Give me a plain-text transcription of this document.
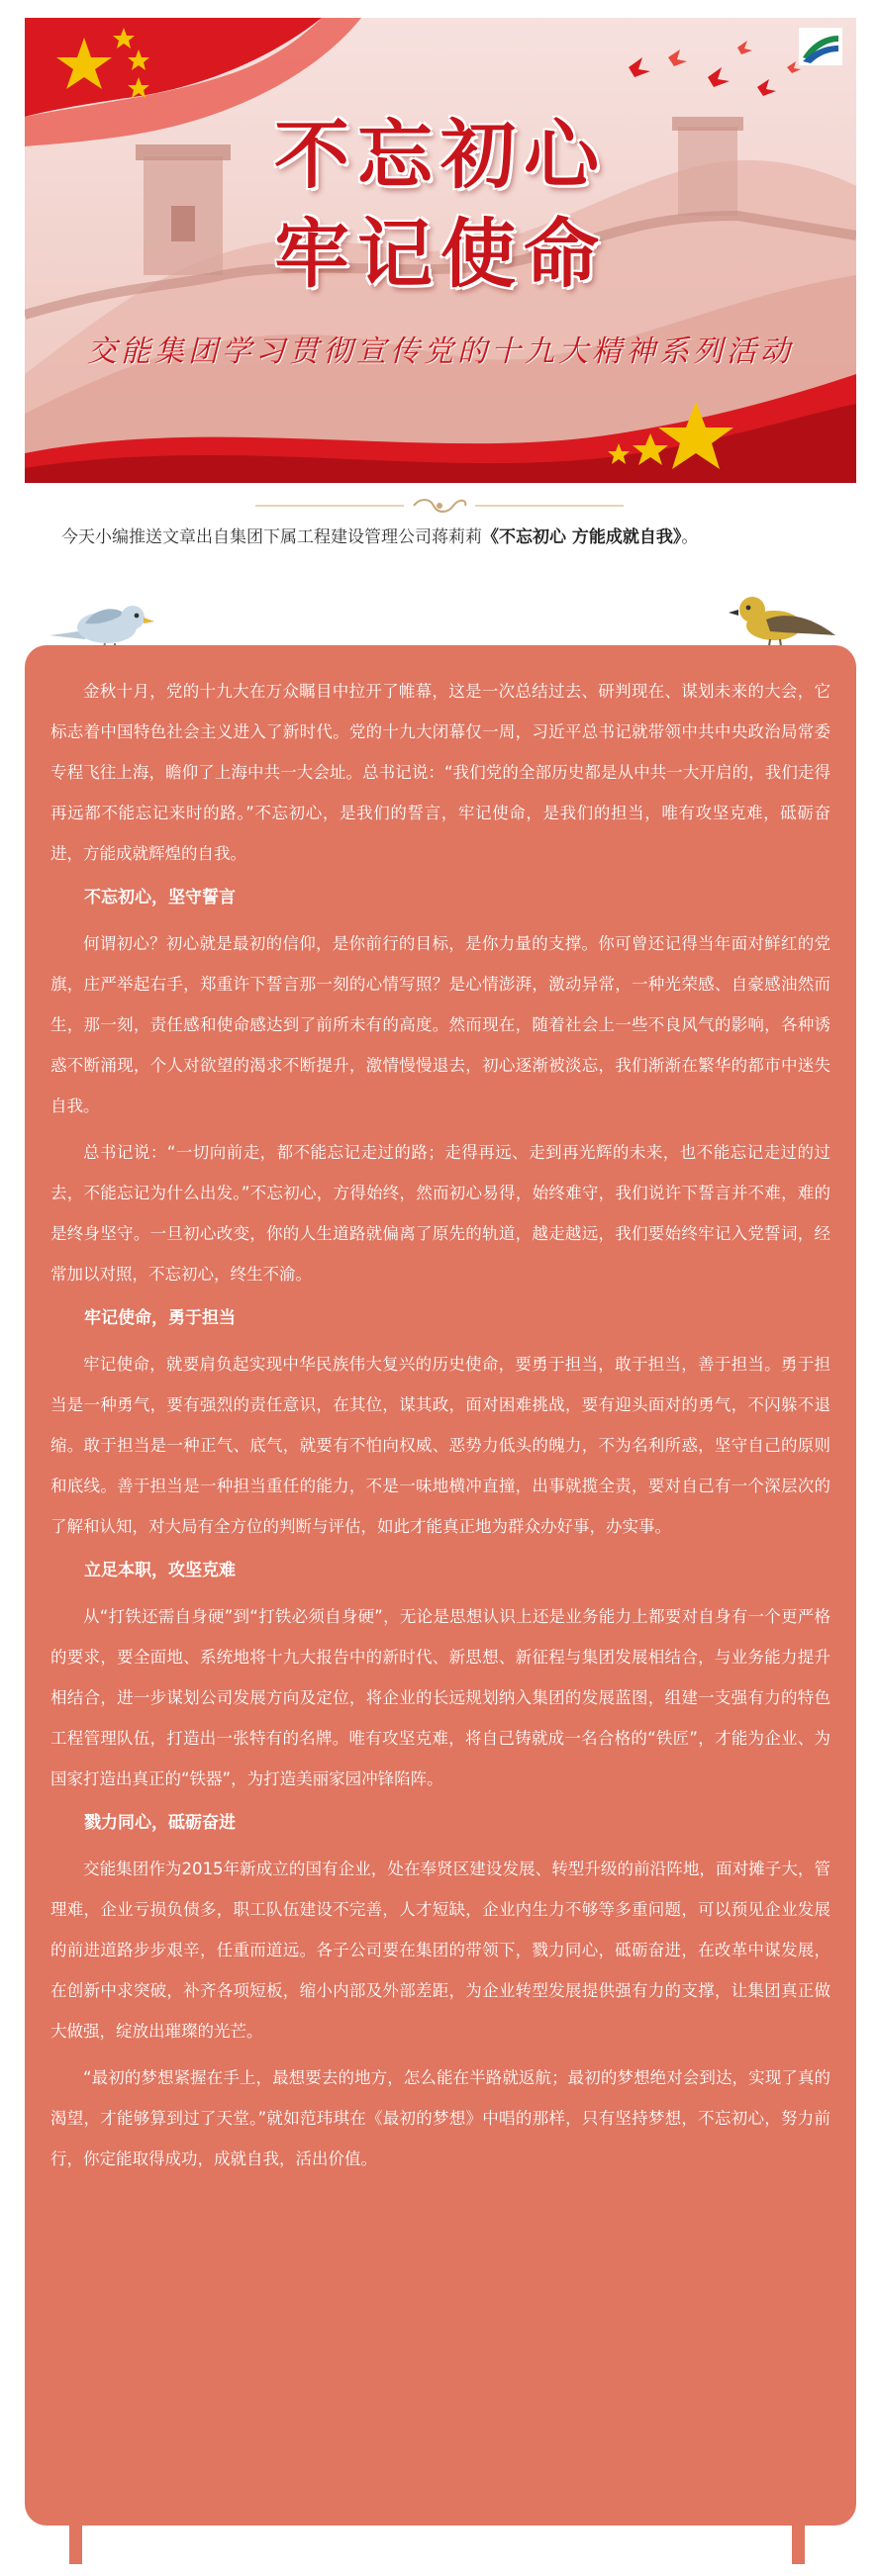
不忘初心
牢记使命
交能集团学习贯彻宣传党的十九大精神系列活动
今天小编推送文章出自集团下属工程建设管理公司蒋莉莉《不忘初心 方能成就自我》。

金秋十月，党的十九大在万众瞩目中拉开了帷幕，这是一次总结过去、研判现在、谋划未来的大会，它标志着中国特色社会主义进入了新时代。党的十九大闭幕仅一周，习近平总书记就带领中共中央政治局常委专程飞往上海，瞻仰了上海中共一大会址。总书记说：“我们党的全部历史都是从中共一大开启的，我们走得再远都不能忘记来时的路。”不忘初心，是我们的誓言，牢记使命，是我们的担当，唯有攻坚克难，砥砺奋进，方能成就辉煌的自我。

不忘初心，坚守誓言

何谓初心？初心就是最初的信仰，是你前行的目标，是你力量的支撑。你可曾还记得当年面对鲜红的党旗，庄严举起右手，郑重许下誓言那一刻的心情写照？是心情澎湃，激动异常，一种光荣感、自豪感油然而生，那一刻，责任感和使命感达到了前所未有的高度。然而现在，随着社会上一些不良风气的影响，各种诱惑不断涌现，个人对欲望的渴求不断提升，激情慢慢退去，初心逐渐被淡忘，我们渐渐在繁华的都市中迷失自我。

总书记说：“一切向前走，都不能忘记走过的路；走得再远、走到再光辉的未来，也不能忘记走过的过去，不能忘记为什么出发。”不忘初心，方得始终，然而初心易得，始终难守，我们说许下誓言并不难，难的是终身坚守。一旦初心改变，你的人生道路就偏离了原先的轨道，越走越远，我们要始终牢记入党誓词，经常加以对照，不忘初心，终生不渝。

牢记使命，勇于担当

牢记使命，就要肩负起实现中华民族伟大复兴的历史使命，要勇于担当，敢于担当，善于担当。勇于担当是一种勇气，要有强烈的责任意识，在其位，谋其政，面对困难挑战，要有迎头面对的勇气，不闪躲不退缩。敢于担当是一种正气、底气，就要有不怕向权威、恶势力低头的魄力，不为名利所惑，坚守自己的原则和底线。善于担当是一种担当重任的能力，不是一味地横冲直撞，出事就揽全责，要对自己有一个深层次的了解和认知，对大局有全方位的判断与评估，如此才能真正地为群众办好事，办实事。

立足本职，攻坚克难

从“打铁还需自身硬”到“打铁必须自身硬”，无论是思想认识上还是业务能力上都要对自身有一个更严格的要求，要全面地、系统地将十九大报告中的新时代、新思想、新征程与集团发展相结合，与业务能力提升相结合，进一步谋划公司发展方向及定位，将企业的长远规划纳入集团的发展蓝图，组建一支强有力的特色工程管理队伍，打造出一张特有的名牌。唯有攻坚克难，将自己铸就成一名合格的“铁匠”，才能为企业、为国家打造出真正的“铁器”，为打造美丽家园冲锋陷阵。

戮力同心，砥砺奋进

交能集团作为2015年新成立的国有企业，处在奉贤区建设发展、转型升级的前沿阵地，面对摊子大，管理难，企业亏损负债多，职工队伍建设不完善，人才短缺，企业内生力不够等多重问题，可以预见企业发展的前进道路步步艰辛，任重而道远。各子公司要在集团的带领下，戮力同心，砥砺奋进，在改革中谋发展，在创新中求突破，补齐各项短板，缩小内部及外部差距，为企业转型发展提供强有力的支撑，让集团真正做大做强，绽放出璀璨的光芒。

“最初的梦想紧握在手上，最想要去的地方，怎么能在半路就返航；最初的梦想绝对会到达，实现了真的渴望，才能够算到过了天堂。”就如范玮琪在《最初的梦想》中唱的那样，只有坚持梦想，不忘初心，努力前行，你定能取得成功，成就自我，活出价值。
